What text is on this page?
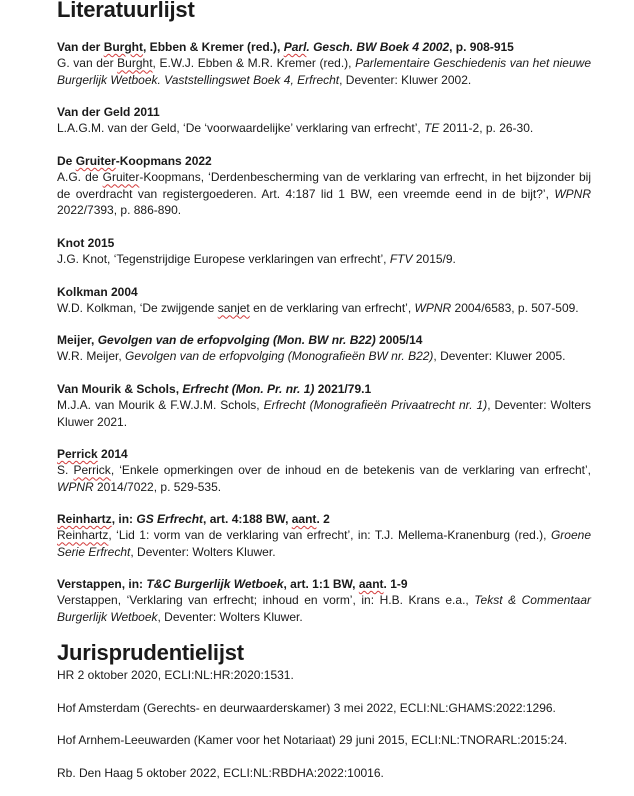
Literatuurlijst
Van der Burght, Ebben & Kremer (red.), Parl. Gesch. BW Boek 4 2002, p. 908-915
G. van der Burght, E.W.J. Ebben & M.R. Kremer (red.), Parlementaire Geschiedenis van het nieuwe Burgerlijk Wetboek. Vaststellingswet Boek 4, Erfrecht, Deventer: Kluwer 2002.
Van der Geld 2011
L.A.G.M. van der Geld, ‘De ‘voorwaardelijke’ verklaring van erfrecht’, TE 2011-2, p. 26-30.
De Gruiter-Koopmans 2022
A.G. de Gruiter-Koopmans, ‘Derdenbescherming van de verklaring van erfrecht, in het bijzonder bij de overdracht van registergoederen. Art. 4:187 lid 1 BW, een vreemde eend in de bijt?’, WPNR 2022/7393, p. 886-890.
Knot 2015
J.G. Knot, ‘Tegenstrijdige Europese verklaringen van erfrecht’, FTV 2015/9.
Kolkman 2004
W.D. Kolkman, ‘De zwijgende sanjet en de verklaring van erfrecht’, WPNR 2004/6583, p. 507-509.
Meijer, Gevolgen van de erfopvolging (Mon. BW nr. B22) 2005/14
W.R. Meijer, Gevolgen van de erfopvolging (Monografieën BW nr. B22), Deventer: Kluwer 2005.
Van Mourik & Schols, Erfrecht (Mon. Pr. nr. 1) 2021/79.1
M.J.A. van Mourik & F.W.J.M. Schols, Erfrecht (Monografieën Privaatrecht nr. 1), Deventer: Wolters Kluwer 2021.
Perrick 2014
S. Perrick, ‘Enkele opmerkingen over de inhoud en de betekenis van de verklaring van erfrecht’, WPNR 2014/7022, p. 529-535.
Reinhartz, in: GS Erfrecht, art. 4:188 BW, aant. 2
Reinhartz, ‘Lid 1: vorm van de verklaring van erfrecht’, in: T.J. Mellema-Kranenburg (red.), Groene Serie Erfrecht, Deventer: Wolters Kluwer.
Verstappen, in: T&C Burgerlijk Wetboek, art. 1:1 BW, aant. 1-9
Verstappen, ‘Verklaring van erfrecht; inhoud en vorm’, in: H.B. Krans e.a., Tekst & Commentaar Burgerlijk Wetboek, Deventer: Wolters Kluwer.
Jurisprudentielijst
HR 2 oktober 2020, ECLI:NL:HR:2020:1531.
Hof Amsterdam (Gerechts- en deurwaarderskamer) 3 mei 2022, ECLI:NL:GHAMS:2022:1296.
Hof Arnhem-Leeuwarden (Kamer voor het Notariaat) 29 juni 2015, ECLI:NL:TNORARL:2015:24.
Rb. Den Haag 5 oktober 2022, ECLI:NL:RBDHA:2022:10016.
